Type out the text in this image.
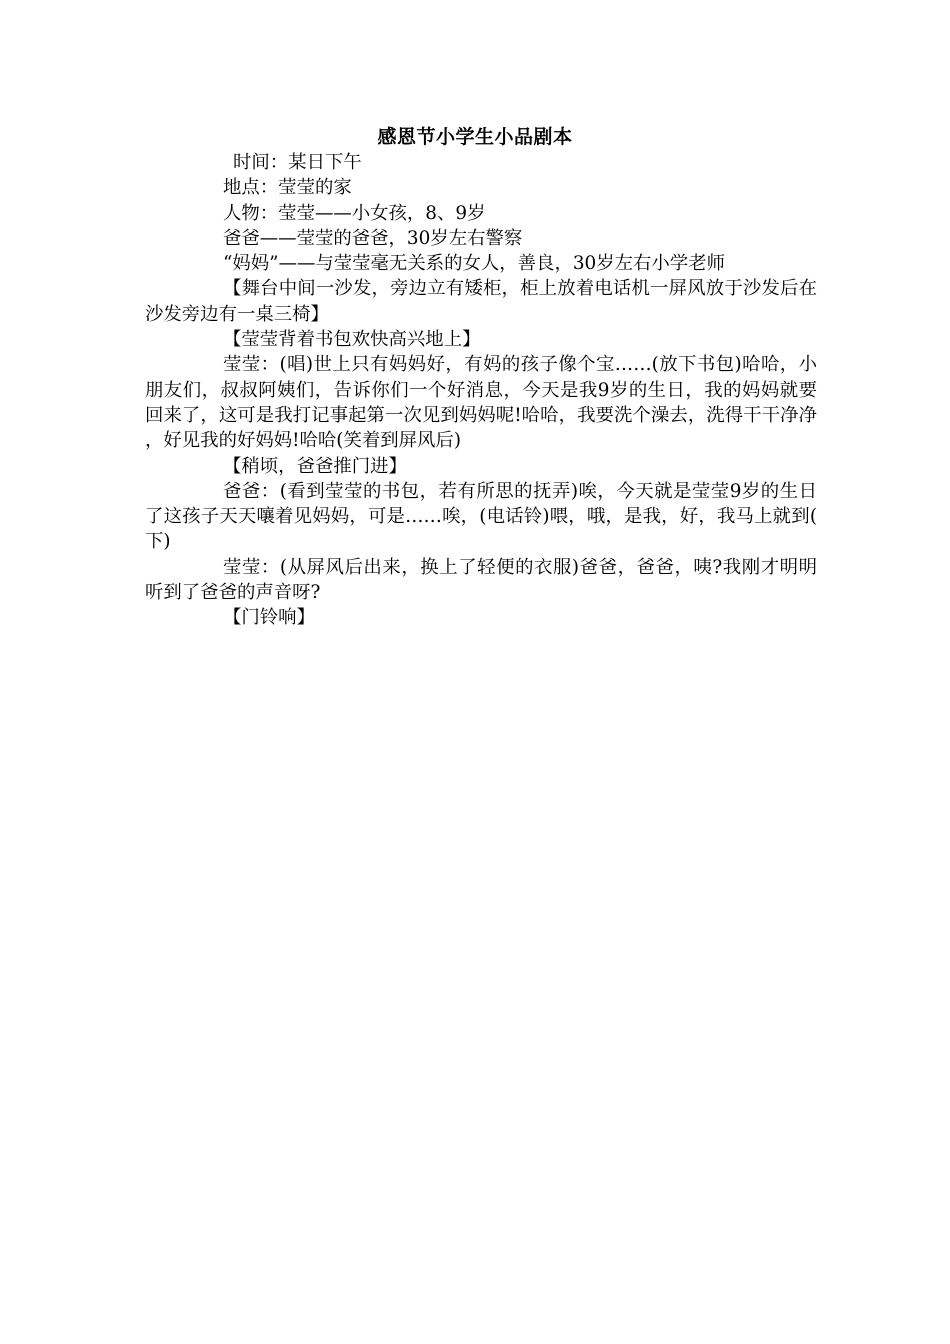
感恩节小学生小品剧本

时间：某日下午

地点：莹莹的家

人物：莹莹——小女孩，8、9岁

爸爸——莹莹的爸爸，30岁左右警察

“妈妈”——与莹莹毫无关系的女人，善良，30岁左右小学老师

【舞台中间一沙发，旁边立有矮柜，柜上放着电话机一屏风放于沙发后在沙发旁边有一桌三椅】

【莹莹背着书包欢快高兴地上】

莹莹：(唱)世上只有妈妈好，有妈的孩子像个宝……(放下书包)哈哈，小朋友们，叔叔阿姨们，告诉你们一个好消息，今天是我9岁的生日，我的妈妈就要回来了，这可是我打记事起第一次见到妈妈呢!哈哈，我要洗个澡去，洗得干干净净，好见我的好妈妈!哈哈(笑着到屏风后)

【稍顷，爸爸推门进】

爸爸：(看到莹莹的书包，若有所思的抚弄)唉，今天就是莹莹9岁的生日了这孩子天天嚷着见妈妈，可是……唉，(电话铃)喂，哦，是我，好，我马上就到(下)

莹莹：(从屏风后出来，换上了轻便的衣服)爸爸，爸爸，咦?我刚才明明听到了爸爸的声音呀?

【门铃响】
